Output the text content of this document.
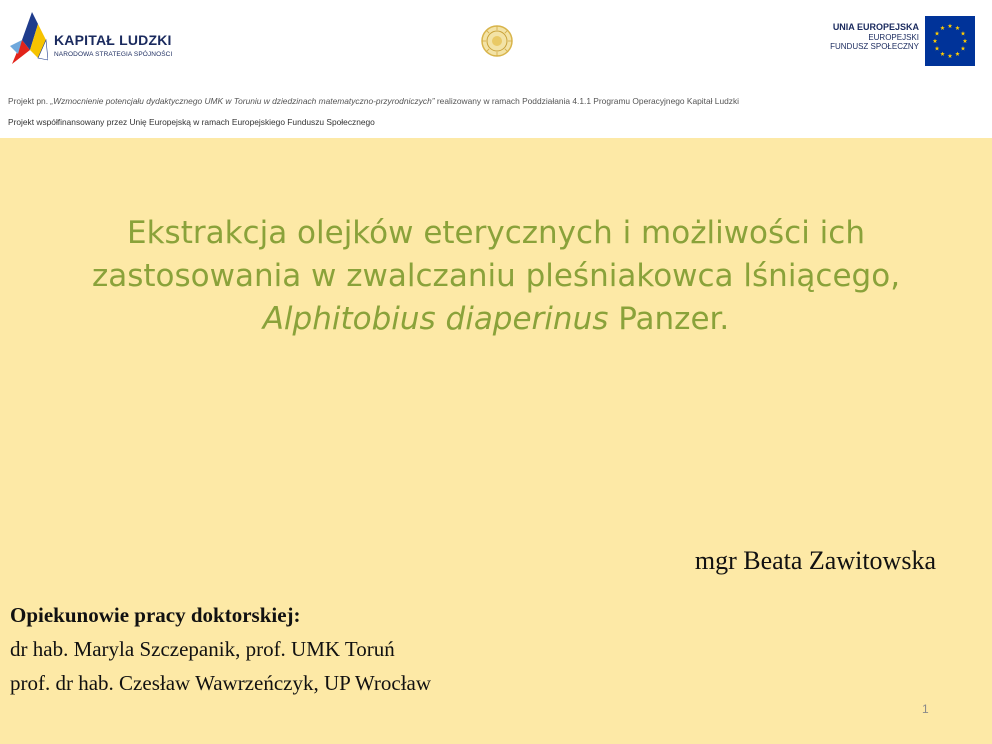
KAPITAŁ LUDZKI
NARODOWA STRATEGIA SPÓJNOŚCI
UNIA EUROPEJSKA
EUROPEJSKI
FUNDUSZ SPOŁECZNY
Projekt pn. „Wzmocnienie potencjału dydaktycznego UMK w Toruniu w dziedzinach matematyczno-przyrodniczych” realizowany w ramach Poddziałania 4.1.1 Programu Operacyjnego Kapitał Ludzki
Projekt współfinansowany przez Unię Europejską w ramach Europejskiego Funduszu Społecznego
Ekstrakcja olejków eterycznych i możliwości ich
zastosowania w zwalczaniu pleśniakowca lśniącego,
Alphitobius diaperinus Panzer.
mgr Beata Zawitowska
Opiekunowie pracy doktorskiej:
dr hab. Maryla Szczepanik, prof. UMK Toruń
prof. dr hab. Czesław Wawrzeńczyk, UP Wrocław
1
